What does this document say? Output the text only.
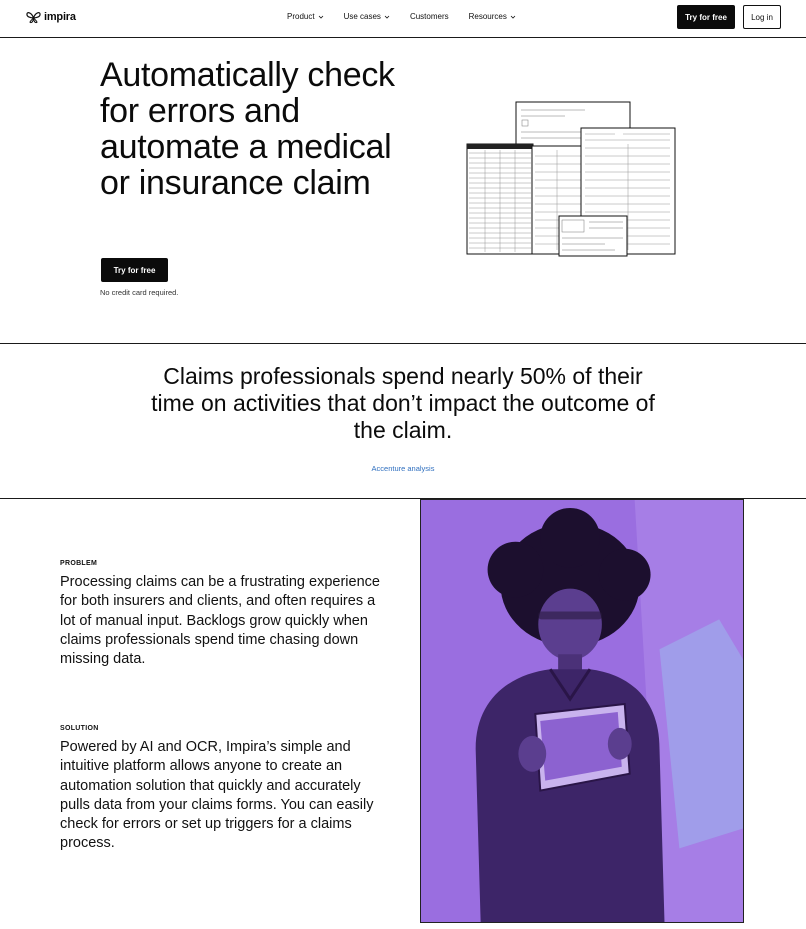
impira	Product	Use cases	Customers	Resources	Try for free	Log in
Automatically check for errors and automate a medical or insurance claim
Try for free
No credit card required.

Claims professionals spend nearly 50% of their time on activities that don’t impact the outcome of the claim.

Accenture analysis
PROBLEM

Processing claims can be a frustrating experience for both insurers and clients, and often requires a lot of manual input. Backlogs grow quickly when claims professionals spend time chasing down missing data.

SOLUTION

Powered by AI and OCR, Impira’s simple and intuitive platform allows anyone to create an automation solution that quickly and accurately pulls data from your claims forms. You can easily check for errors or set up triggers for a claims process.
